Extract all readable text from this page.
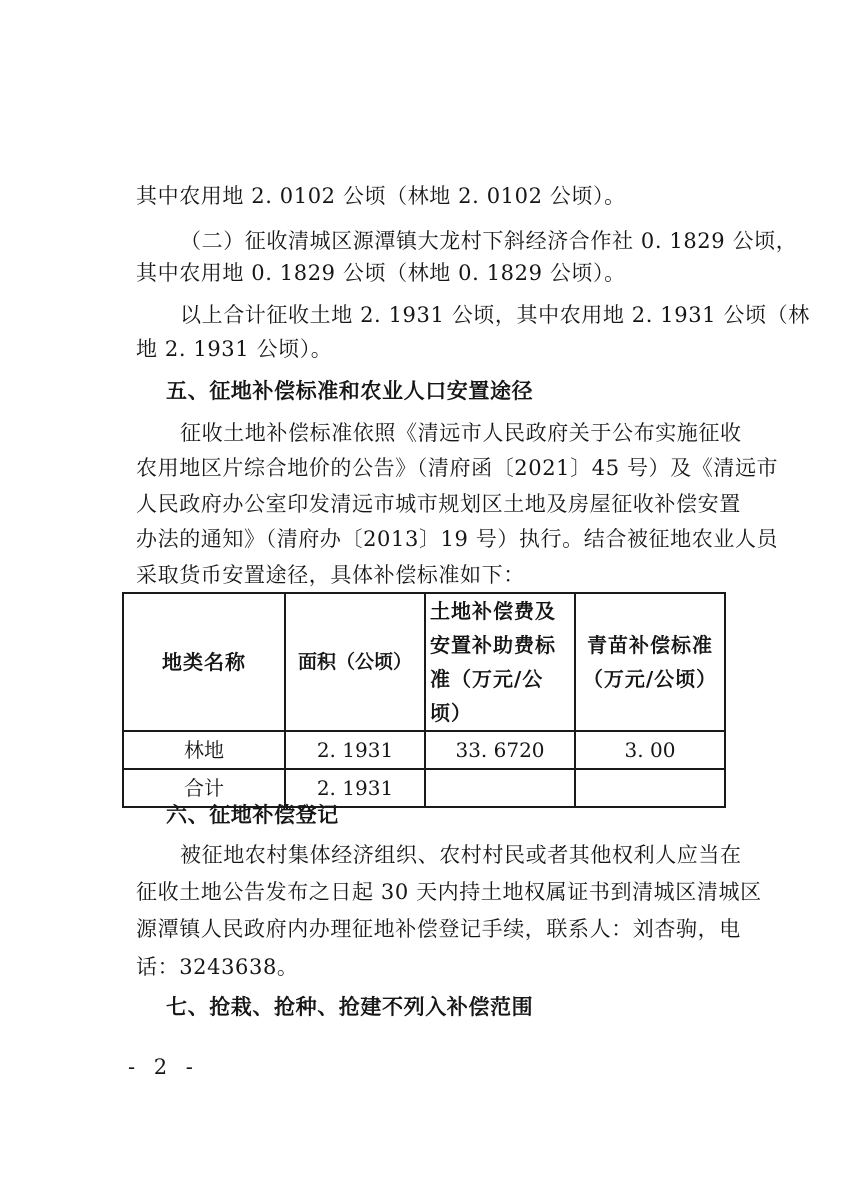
其中农用地 2. 0102 公顷（林地 2. 0102 公顷）。
（二）征收清城区源潭镇大龙村下斜经济合作社 0. 1829 公顷，
其中农用地 0. 1829 公顷（林地 0. 1829 公顷）。
以上合计征收土地 2. 1931 公顷，其中农用地 2. 1931 公顷（林
地 2. 1931 公顷）。
五、征地补偿标准和农业人口安置途径
征收土地补偿标准依照《清远市人民政府关于公布实施征收
农用地区片综合地价的公告》（清府函〔2021〕45 号）及《清远市
人民政府办公室印发清远市城市规划区土地及房屋征收补偿安置
办法的通知》（清府办〔2013〕19 号）执行。结合被征地农业人员
采取货币安置途径，具体补偿标准如下：
地类名称	面积（公顷）	土地补偿费及安置补助费标准（万元/公顷）	青苗补偿标准（万元/公顷）
林地	2. 1931	33. 6720	3. 00
合计	2. 1931		
六、征地补偿登记
被征地农村集体经济组织、农村村民或者其他权利人应当在
征收土地公告发布之日起 30 天内持土地权属证书到清城区清城区
源潭镇人民政府内办理征地补偿登记手续，联系人：刘杏驹，电
话：3243638。
七、抢栽、抢种、抢建不列入补偿范围
- 2 -
